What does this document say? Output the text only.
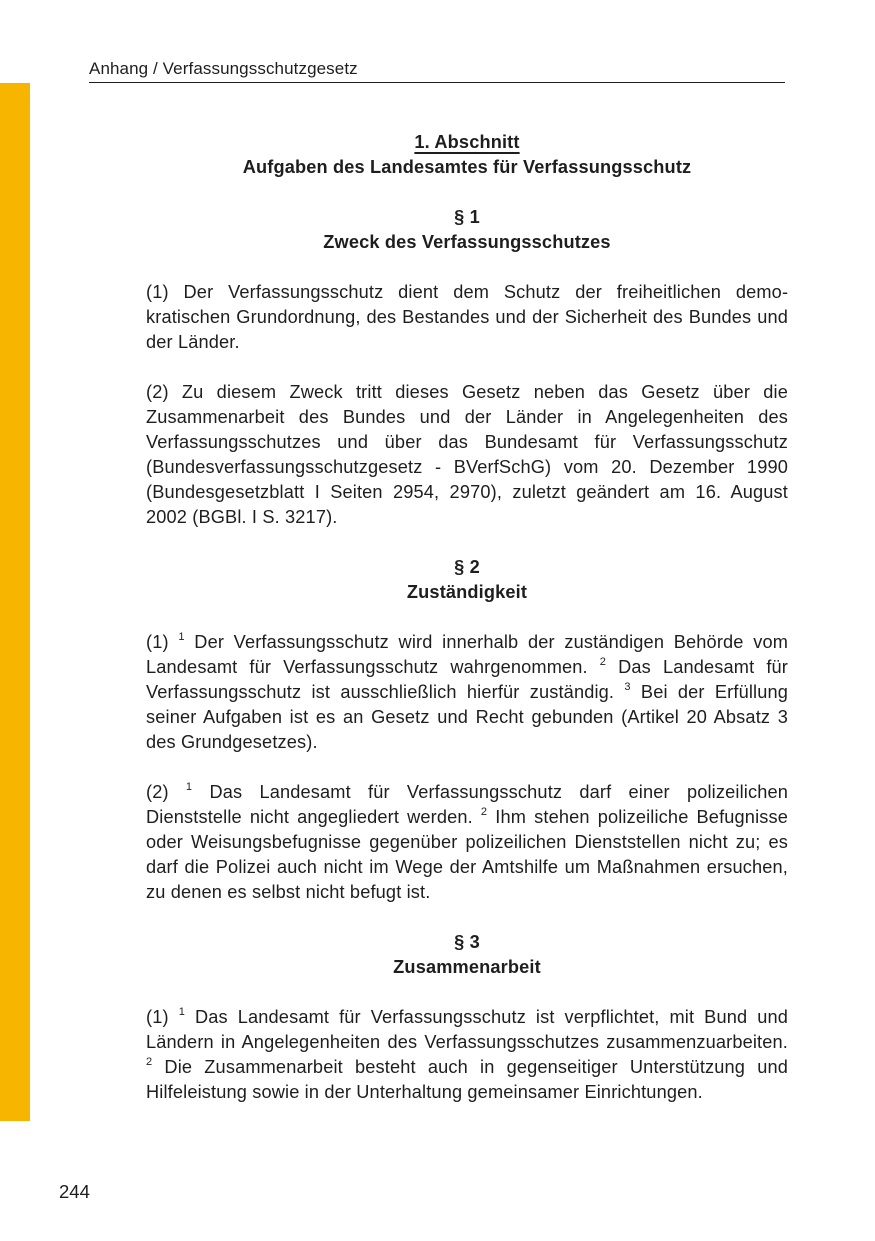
Anhang / Verfassungsschutzgesetz
1. Abschnitt
Aufgaben des Landesamtes für Verfassungsschutz
§ 1
Zweck des Verfassungsschutzes

(1) Der Verfassungsschutz dient dem Schutz der freiheitlichen demokratischen Grundordnung, des Bestandes und der Sicherheit des Bundes und der Länder.

(2) Zu diesem Zweck tritt dieses Gesetz neben das Gesetz über die Zusammenarbeit des Bundes und der Länder in Angelegenheiten des Verfassungsschutzes und über das Bundesamt für Verfassungsschutz (Bundesverfassungsschutzgesetz - BVerfSchG) vom 20. Dezember 1990 (Bundesgesetzblatt I Seiten 2954, 2970), zuletzt geändert am 16. August 2002 (BGBl. I S. 3217).

§ 2
Zuständigkeit

(1) $^1$ Der Verfassungsschutz wird innerhalb der zuständigen Behörde vom Landesamt für Verfassungsschutz wahrgenommen. $^2$ Das Landesamt für Verfassungsschutz ist ausschließlich hierfür zuständig. $^3$ Bei der Erfüllung seiner Aufgaben ist es an Gesetz und Recht gebunden (Artikel 20 Absatz 3 des Grundgesetzes).

(2) $^1$ Das Landesamt für Verfassungsschutz darf einer polizeilichen Dienststelle nicht angegliedert werden. $^2$ Ihm stehen polizeiliche Befugnisse oder Weisungsbefugnisse gegenüber polizeilichen Dienststellen nicht zu; es darf die Polizei auch nicht im Wege der Amtshilfe um Maßnahmen ersuchen, zu denen es selbst nicht befugt ist.

§ 3
Zusammenarbeit

(1) $^1$ Das Landesamt für Verfassungsschutz ist verpflichtet, mit Bund und Ländern in Angelegenheiten des Verfassungsschutzes zusammenzuarbeiten. $^2$ Die Zusammenarbeit besteht auch in gegenseitiger Unterstützung und Hilfeleistung sowie in der Unterhaltung gemeinsamer Einrichtungen.

244
